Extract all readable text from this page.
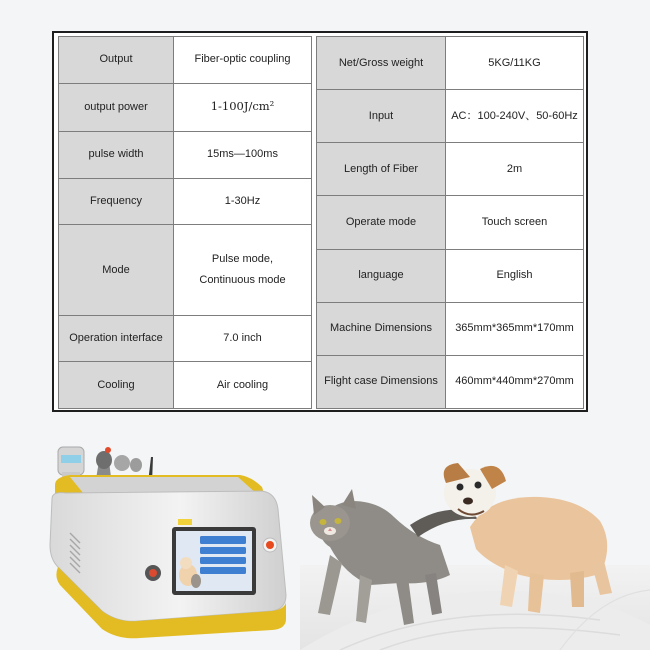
Output	Fiber-optic coupling
output power	1-100J/cm²
pulse width	15ms—100ms
Frequency	1-30Hz
Mode	Pulse mode,
Continuous mode

Operation interface	7.0 inch
Cooling	Air cooling
Net/Gross weight	5KG/11KG
Input	AC：100-240V、50-60Hz
Length of Fiber	2m
Operate mode	Touch screen
language	English
Machine Dimensions	365mm*365mm*170mm
Flight case Dimensions	460mm*440mm*270mm
